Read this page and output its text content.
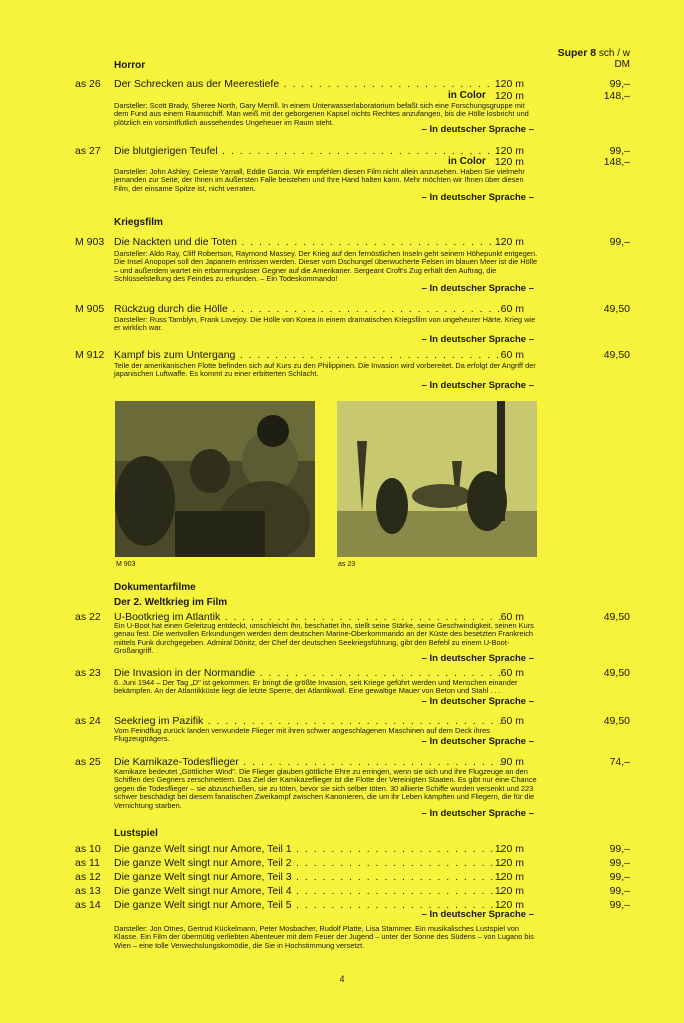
Super 8 sch / w
DM
Horror
as 26 Der Schrecken aus der Meerestiefe . . .	120 m	99,–
in Color 120 m	148,–
Darsteller: Scott Brady, Sheree North, Gary Merrill. In einem Unterwasserlaboratorium befaßt sich eine Forschungsgruppe mit dem Fund aus einem Raumschiff. Man weiß mit der geborgenen Kapsel nichts Rechtes anzufangen, bis die Hölle losbricht und plötzlich ein vorsintflutlich aussehendes Ungeheuer im Raum steht.
– In deutscher Sprache –
as 27 Die blutgierigen Teufel . . .	120 m	99,–
in Color 120 m	148,–
Darsteller: John Ashley, Celeste Yarnall, Eddie Garcia. Wir empfehlen diesen Film nicht allein anzusehen. Haben Sie vielmehr jemanden zur Seite, der Ihnen im äußersten Falle beistehen und Ihre Hand halten kann. Mehr möchten wir Ihnen über diesen Film, der einsame Spitze ist, nicht verraten.
– In deutscher Sprache –
Kriegsfilm
M 903 Die Nackten und die Toten . . .	120 m	99,–
Darsteller: Aldo Ray, Cliff Robertson, Raymond Massey. Der Krieg auf den fernöstlichen Inseln geht seinem Höhepunkt entgegen. Die Insel Anopopei soll den Japanern entrissen werden. Dieser vom Dschungel überwucherte Felsen im blauen Meer ist die Hölle – und außerdem wartet ein erbarmungsloser Gegner auf die Amerikaner. Sergeant Croft's Zug erhält den Auftrag, die Schlüsselstellung des Feindes zu erkunden. – Ein Todeskommando!
– In deutscher Sprache –
M 905 Rückzug durch die Hölle . . .	60 m	49,50
Darsteller: Russ Tamblyn, Frank Lovejoy. Die Hölle von Korea in einem dramatischen Kriegsfilm von ungeheurer Härte. Krieg wie er wirklich war.
– In deutscher Sprache –
M 912 Kampf bis zum Untergang . . .	60 m	49,50
Teile der amerikanischen Flotte befinden sich auf Kurs zu den Philippinen. Die Invasion wird vorbereitet. Da erfolgt der Angriff der japanischen Luftwaffe. Es kommt zu einer erbitterten Schlacht.
– In deutscher Sprache –
M 903	as 23
Dokumentarfilme
Der 2. Weltkrieg im Film
as 22 U-Bootkrieg im Atlantik . . .	60 m	49,50
Ein U-Boot hat einen Geleitzug entdeckt, umschleicht ihn, beschattet ihn, stellt seine Stärke, seine Geschwindigkeit, seinen Kurs genau fest. Die wertvollen Erkundungen werden dem deutschen Marine-Oberkommando an der Küste des besetzten Frankreich mittels Funk durchgegeben. Admiral Dönitz, der Chef der deutschen Seekriegsführung, gibt den Befehl zu einem U-Boot-Großangriff.
– In deutscher Sprache –
as 23 Die Invasion in der Normandie . . .	60 m	49,50
6. Juni 1944 – Der Tag „D" ist gekommen. Er bringt die größte Invasion, seit Kriege geführt werden und Menschen einander bekämpfen. An der Atlantikküste liegt die letzte Sperre, der Atlantikwall. Eine gewaltige Mauer von Beton und Stahl . . .
– In deutscher Sprache –
as 24 Seekrieg im Pazifik . . .	60 m	49,50
Vom Feindflug zurück landen verwundete Flieger mit ihren schwer angeschlagenen Maschinen auf dem Deck ihres Flugzeugträgers.	– In deutscher Sprache –
as 25 Die Kamikaze-Todesflieger . . .	90 m	74,–
Kamikaze bedeutet „Göttlicher Wind". Die Flieger glauben göttliche Ehre zu erringen, wenn sie sich und ihre Flugzeuge an den Schiffen des Gegners zerschmettern. Das Ziel der Kamikazeflieger ist die Flotte der Vereinigten Staaten. Es gibt nur eine Chance gegen die Todesflieger – sie abzuschießen, sie zu töten, bevor sie sich selber töten. 30 alliierte Schiffe wurden versenkt und 223 schwer beschädigt bei diesem fanatischen Zweikampf zwischen Kanonieren, die um ihr Leben kämpften und Fliegern, die für die Vernichtung starben.
– In deutscher Sprache –
Lustspiel
as 10 Die ganze Welt singt nur Amore, Teil 1 . . .	120 m	99,–
as 11 Die ganze Welt singt nur Amore, Teil 2 . . .	120 m	99,–
as 12 Die ganze Welt singt nur Amore, Teil 3 . . .	120 m	99,–
as 13 Die ganze Welt singt nur Amore, Teil 4 . . .	120 m	99,–
as 14 Die ganze Welt singt nur Amore, Teil 5 . . .	120 m	99,–
– In deutscher Sprache –
Darsteller: Jon Otnes, Gertrud Kückelmann, Peter Mosbacher, Rudolf Platte, Lisa Stammer. Ein musikalisches Lustspiel von Klasse. Ein Film der übermütig verliebten Abenteuer mit dem Feuer der Jugend – unter der Sonne des Südens – von Lugano bis Wien – eine tolle Verwechslungskomödie, die Sie in Hochstimmung versetzt.
4
